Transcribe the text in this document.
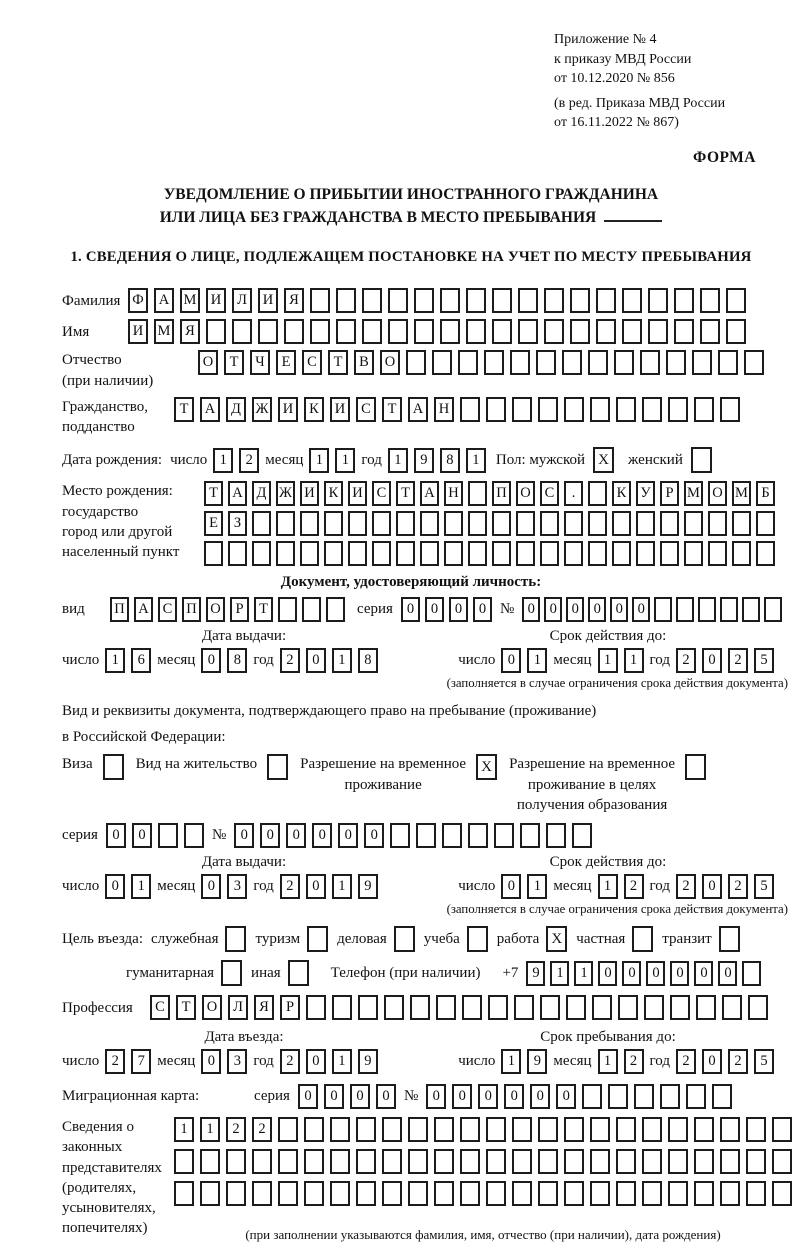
Приложение № 4
к приказу МВД России
от 10.12.2020 № 856
(в ред. Приказа МВД России
от 16.11.2022 № 867)
ФОРМА
УВЕДОМЛЕНИЕ О ПРИБЫТИИ ИНОСТРАННОГО ГРАЖДАНИНА
ИЛИ ЛИЦА БЕЗ ГРАЖДАНСТВА В МЕСТО ПРЕБЫВАНИЯ
1. СВЕДЕНИЯ О ЛИЦЕ, ПОДЛЕЖАЩЕМ ПОСТАНОВКЕ НА УЧЕТ ПО МЕСТУ ПРЕБЫВАНИЯ
Фамилия Ф	А М И	Л	И	Я
Имя	И М	Я
Отчество
(при наличии)
О	Т	Ч	Е	С	Т	В	О
Гражданство,
подданство
Т	А	Д	Ж И	К	И	С	Т	А	Н
Дата рождения: число 1	2 месяц 1	1 год 1	9	8	1	Пол: мужской X	женский
Место рождения:
государство
город или другой
населенный пункт
Т А Д Ж И К И С	Т А Н	П О С	.	К У	Р М О М Б
Е	З
Документ, удостоверяющий личность:
вид	П А С П О	Р	Т	серия 0	0	0	0 № 0	0	0	0	0	0
Дата выдачи:
число 1	6 месяц 0	8 год 2	0	1	8
Срок действия до:
число 0	1 месяц 1	1 год 2	0	2	5
(заполняется в случае ограничения срока действия документа)
Вид и реквизиты документа, подтверждающего право на пребывание (проживание)
в Российской Федерации:
Виза	Вид на жительство	Разрешение на временное
проживание
X	Разрешение на временное
проживание в целях
получения образования
серия 0	0	№ 0	0	0	0	0	0
Дата выдачи:
число 0	1 месяц 0	3 год 2	0	1	9
Срок действия до:
число 0	1 месяц 1	2 год 2	0	2	5
(заполняется в случае ограничения срока действия документа)
Цель въезда: служебная туризм деловая учеба работа X частная транзит
гуманитарная иная	Телефон (при наличии) +7 9	1	1	0	0	0	0	0	0
Профессия	С	Т	О	Л	Я	Р
Дата въезда:
число 2	7 месяц 0	3 год 2	0	1	9
Срок пребывания до:
число 1	9 месяц 1	2 год 2	0	2	5
Миграционная карта:	серия 0	0	0	0 № 0	0	0	0	0	0
Сведения о
законных
представителях
(родителях,
усыновителях,
попечителях)
1	1	2	2
(при заполнении указываются фамилия, имя, отчество (при наличии), дата рождения)
